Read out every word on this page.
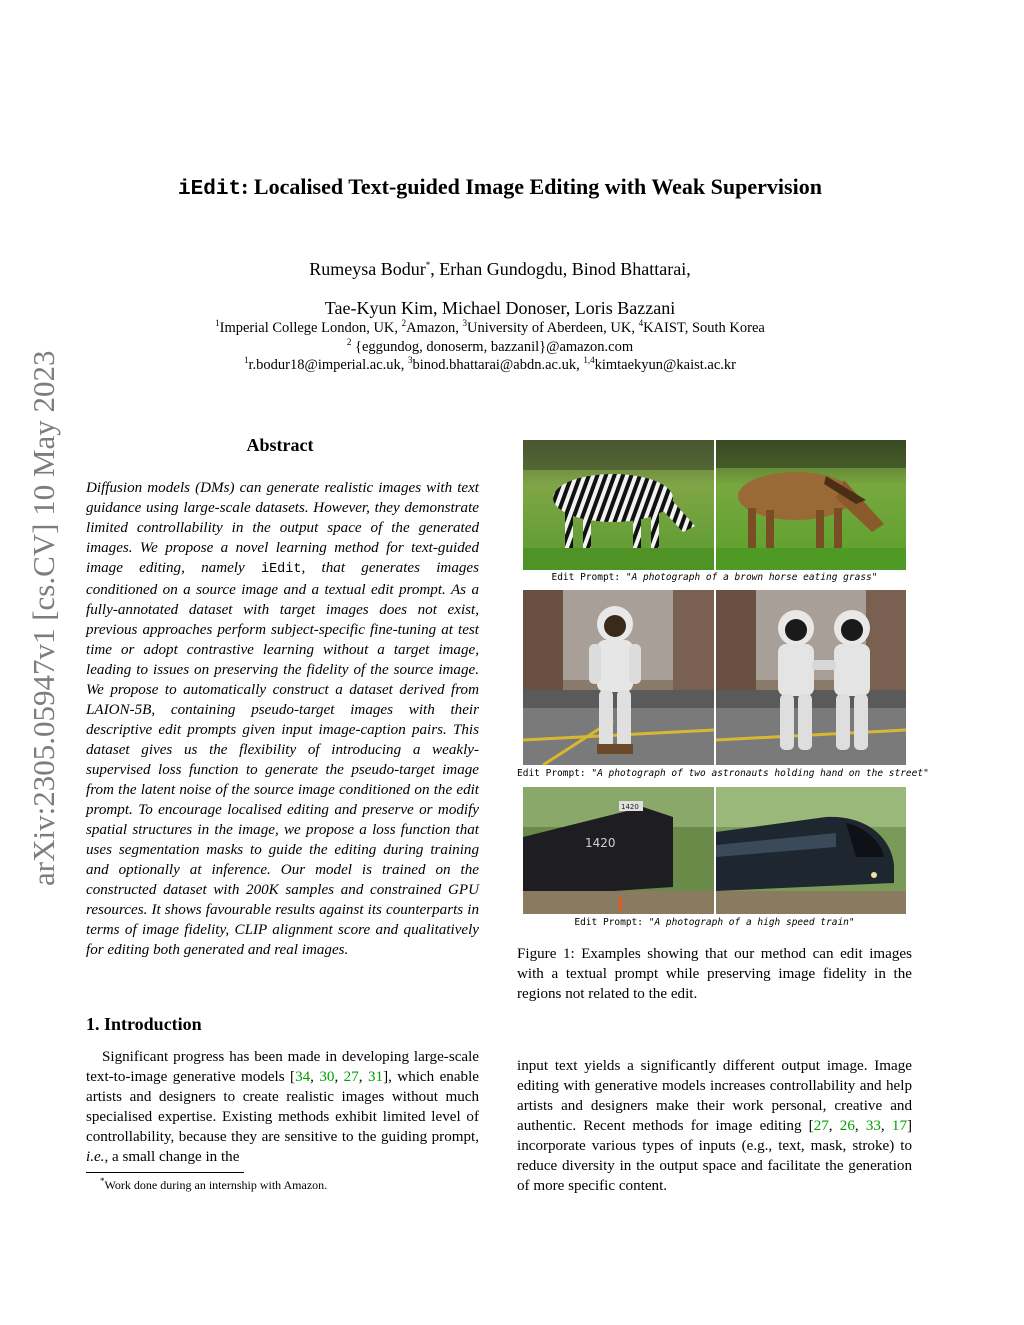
arXiv:2305.05947v1 [cs.CV] 10 May 2023
iEdit: Localised Text-guided Image Editing with Weak Supervision
Rumeysa Bodur*, Erhan Gundogdu, Binod Bhattarai,
Tae-Kyun Kim, Michael Donoser, Loris Bazzani
$^1$Imperial College London, UK, $^2$Amazon, $^3$University of Aberdeen, UK, $^4$KAIST, South Korea
$^2$ {eggundog, donoserm, bazzanil}@amazon.com
$^1$r.bodur18@imperial.ac.uk, $^3$binod.bhattarai@abdn.ac.uk, $^{1,4}$kimtaekyun@kaist.ac.kr
Abstract
Diffusion models (DMs) can generate realistic images with text guidance using large-scale datasets. However, they demonstrate limited controllability in the output space of the generated images. We propose a novel learning method for text-guided image editing, namely iEdit, that generates images conditioned on a source image and a textual edit prompt. As a fully-annotated dataset with target images does not exist, previous approaches perform subject-specific fine-tuning at test time or adopt contrastive learning without a target image, leading to issues on preserving the fidelity of the source image. We propose to automatically construct a dataset derived from LAION-5B, containing pseudo-target images with their descriptive edit prompts given input image-caption pairs. This dataset gives us the flexibility of introducing a weakly-supervised loss function to generate the pseudo-target image from the latent noise of the source image conditioned on the edit prompt. To encourage localised editing and preserve or modify spatial structures in the image, we propose a loss function that uses segmentation masks to guide the editing during training and optionally at inference. Our model is trained on the constructed dataset with 200K samples and constrained GPU resources. It shows favourable results against its counterparts in terms of image fidelity, CLIP alignment score and qualitatively for editing both generated and real images.
1. Introduction
Significant progress has been made in developing large-scale text-to-image generative models [34, 30, 27, 31], which enable artists and designers to create realistic images without much specialised expertise. Existing methods exhibit limited level of controllability, because they are sensitive to the guiding prompt, i.e., a small change in the
input text yields a significantly different output image. Image editing with generative models increases controllability and help artists and designers make their work personal, creative and authentic. Recent methods for image editing [27, 26, 33, 17] incorporate various types of inputs (e.g., text, mask, stroke) to reduce diversity in the output space and facilitate the generation of more specific content.
*Work done during an internship with Amazon.
Edit Prompt: "A photograph of a brown horse eating grass"
Edit Prompt: "A photograph of two astronauts holding hand on the street"
1420
1420
Edit Prompt: "A photograph of a high speed train"
Figure 1: Examples showing that our method can edit images with a textual prompt while preserving image fidelity in the regions not related to the edit.
